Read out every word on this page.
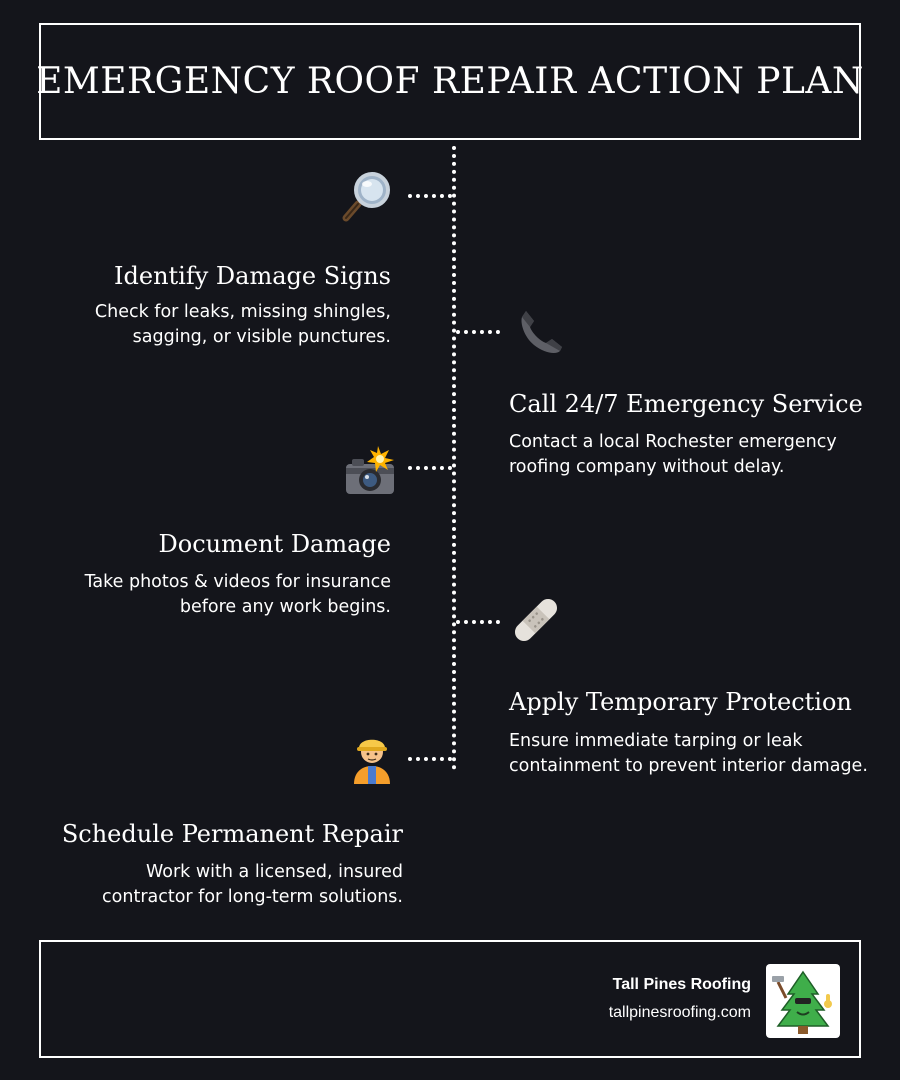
EMERGENCY ROOF REPAIR ACTION PLAN
Identify Damage Signs
Check for leaks, missing shingles,
sagging, or visible punctures.
Call 24/7 Emergency Service
Contact a local Rochester emergency
roofing company without delay.
Document Damage
Take photos & videos for insurance
before any work begins.
Apply Temporary Protection
Ensure immediate tarping or leak
containment to prevent interior damage.
Schedule Permanent Repair
Work with a licensed, insured
contractor for long-term solutions.
Tall Pines Roofing
tallpinesroofing.com
